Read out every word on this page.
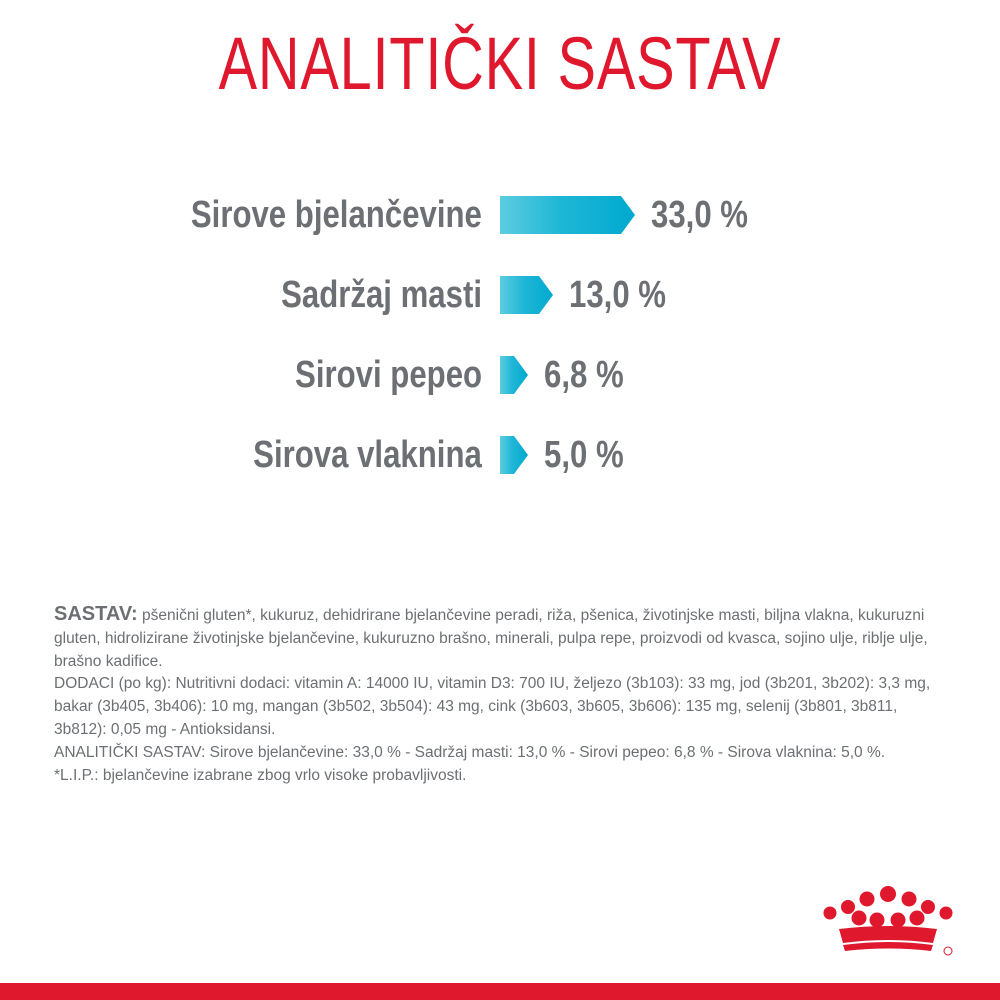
ANALITIČKI SASTAV
Sirove bjelančevine	33,0 %
Sadržaj masti 13,0 %
Sirovi pepeo 6,8 %
Sirova vlaknina 5,0 %

SASTAV: pšenični gluten*, kukuruz, dehidrirane bjelančevine peradi, riža, pšenica, životinjske masti, biljna vlakna, kukuruzni gluten, hidrolizirane životinjske bjelančevine, kukuruzno brašno, minerali, pulpa repe, proizvodi od kvasca, sojino ulje, riblje ulje, brašno kadifice.

DODACI (po kg): Nutritivni dodaci: vitamin A: 14000 IU, vitamin D3: 700 IU, željezo (3b103): 33 mg, jod (3b201, 3b202): 3,3 mg, bakar (3b405, 3b406): 10 mg, mangan (3b502, 3b504): 43 mg, cink (3b603, 3b605, 3b606): 135 mg, selenij (3b801, 3b811, 3b812): 0,05 mg - Antioksidansi.

ANALITIČKI SASTAV: Sirove bjelančevine: 33,0 % - Sadržaj masti: 13,0 % - Sirovi pepeo: 6,8 % - Sirova vlaknina: 5,0 %.

*L.I.P.: bjelančevine izabrane zbog vrlo visoke probavljivosti.
